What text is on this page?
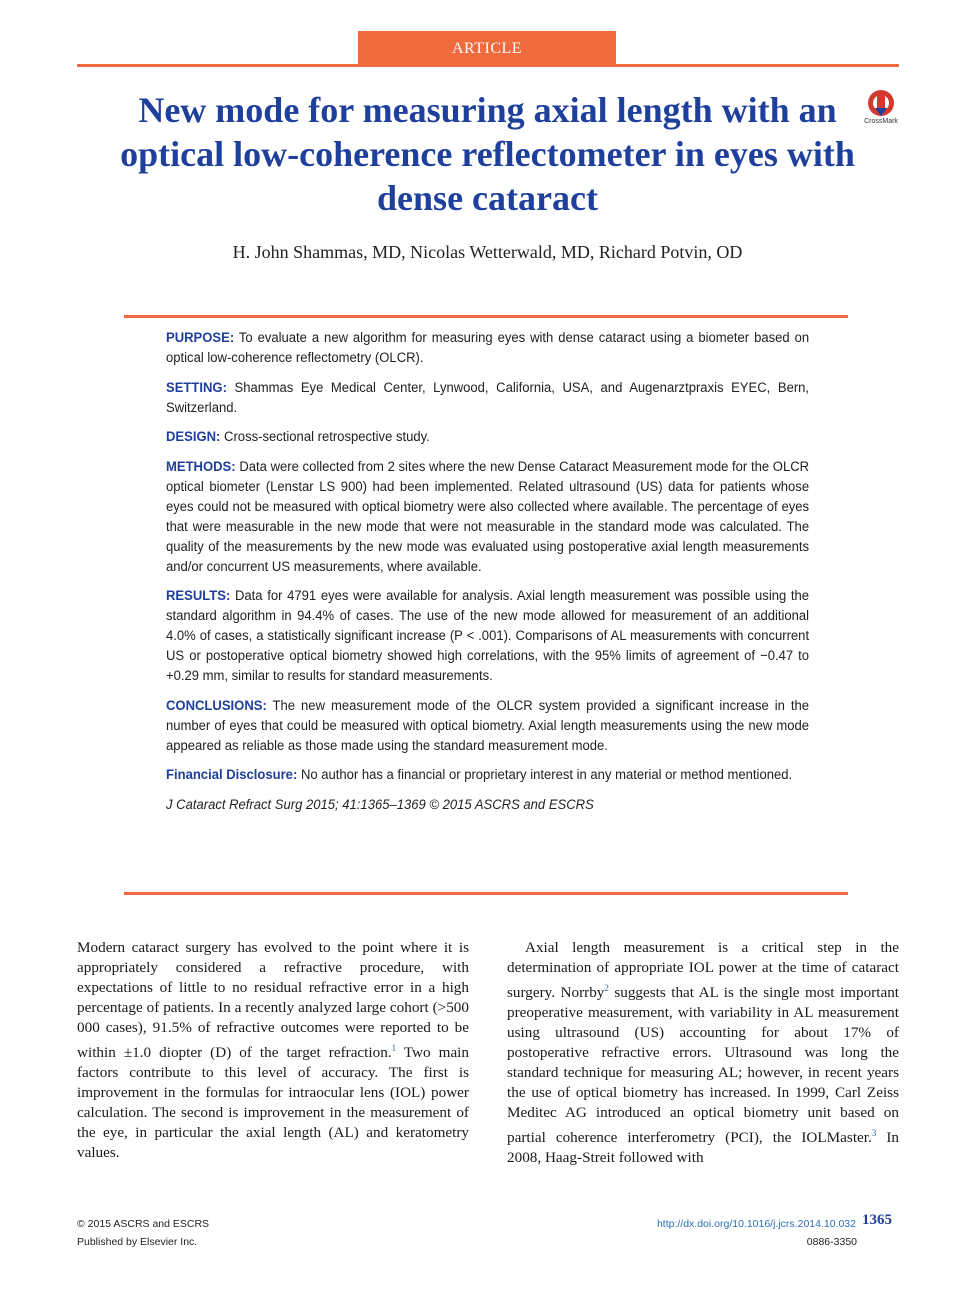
ARTICLE
New mode for measuring axial length with an optical low-coherence reflectometer in eyes with dense cataract
CrossMark
H. John Shammas, MD, Nicolas Wetterwald, MD, Richard Potvin, OD

PURPOSE: To evaluate a new algorithm for measuring eyes with dense cataract using a biometer based on optical low-coherence reflectometry (OLCR).

SETTING: Shammas Eye Medical Center, Lynwood, California, USA, and Augenarztpraxis EYEC, Bern, Switzerland.

DESIGN: Cross-sectional retrospective study.

METHODS: Data were collected from 2 sites where the new Dense Cataract Measurement mode for the OLCR optical biometer (Lenstar LS 900) had been implemented. Related ultrasound (US) data for patients whose eyes could not be measured with optical biometry were also collected where available. The percentage of eyes that were measurable in the new mode that were not measurable in the standard mode was calculated. The quality of the measurements by the new mode was evaluated using postoperative axial length measurements and/or concurrent US measurements, where available.

RESULTS: Data for 4791 eyes were available for analysis. Axial length measurement was possible using the standard algorithm in 94.4% of cases. The use of the new mode allowed for measurement of an additional 4.0% of cases, a statistically significant increase (P < .001). Comparisons of AL measurements with concurrent US or postoperative optical biometry showed high correlations, with the 95% limits of agreement of −0.47 to +0.29 mm, similar to results for standard measurements.

CONCLUSIONS: The new measurement mode of the OLCR system provided a significant increase in the number of eyes that could be measured with optical biometry. Axial length measurements using the new mode appeared as reliable as those made using the standard measurement mode.

Financial Disclosure: No author has a financial or proprietary interest in any material or method mentioned.

J Cataract Refract Surg 2015; 41:1365–1369 © 2015 ASCRS and ESCRS

Modern cataract surgery has evolved to the point where it is appropriately considered a refractive procedure, with expectations of little to no residual refractive error in a high percentage of patients. In a recently analyzed large cohort (>500 000 cases), 91.5% of refractive outcomes were reported to be within ±1.0 diopter (D) of the target refraction.$^1$ Two main factors contribute to this level of accuracy. The first is improvement in the formulas for intraocular lens (IOL) power calculation. The second is improvement in the measurement of the eye, in particular the axial length (AL) and keratometry values.
Axial length measurement is a critical step in the determination of appropriate IOL power at the time of cataract surgery. Norrby$^2$ suggests that AL is the single most important preoperative measurement, with variability in AL measurement using ultrasound (US) accounting for about 17% of postoperative refractive errors. Ultrasound was long the standard technique for measuring AL; however, in recent years the use of optical biometry has increased. In 1999, Carl Zeiss Meditec AG introduced an optical biometry unit based on partial coherence interferometry (PCI), the IOLMaster.$^3$ In 2008, Haag-Streit followed with
© 2015 ASCRS and ESCRS
Published by Elsevier Inc.
http://dx.doi.org/10.1016/j.jcrs.2014.10.032 1365
0886-3350
